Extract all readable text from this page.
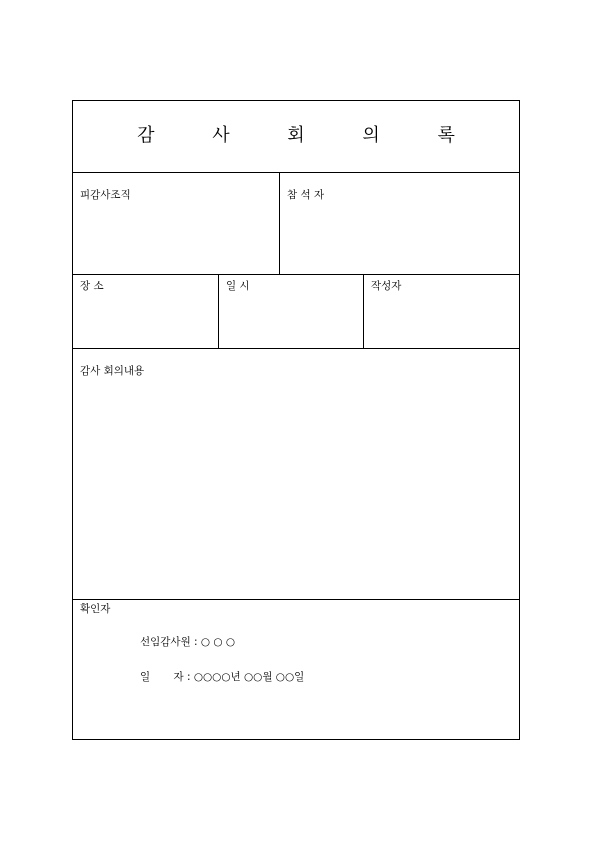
감 사 회 의 록
피감사조직	참 석 자
장 소	일 시	작성자
감사 회의내용
확인자
선임감사원 : ○ ○ ○
일       자 : ○○○○년 ○○월 ○○일
